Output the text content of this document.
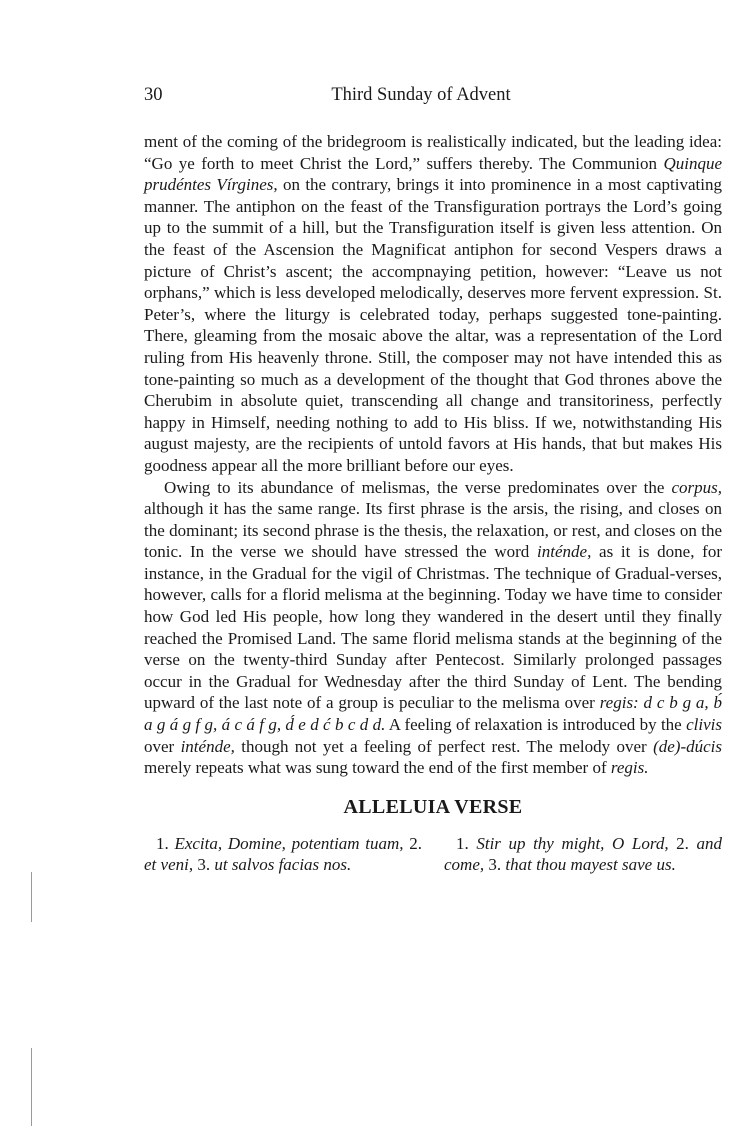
30	Third Sunday of Advent

ment of the coming of the bridegroom is realistically indicated, but the leading idea: “Go ye forth to meet Christ the Lord,” suffers thereby. The Communion Quinque prudéntes Vírgines, on the contrary, brings it into prominence in a most captivating manner. The antiphon on the feast of the Transfiguration portrays the Lord’s going up to the summit of a hill, but the Transfiguration itself is given less attention. On the feast of the Ascension the Magnificat antiphon for second Vespers draws a picture of Christ’s ascent; the accompnaying petition, however: “Leave us not orphans,” which is less developed melodically, deserves more fervent expression. St. Peter’s, where the liturgy is celebrated today, perhaps suggested tone-painting. There, gleaming from the mosaic above the altar, was a representation of the Lord ruling from His heavenly throne. Still, the composer may not have intended this as tone-painting so much as a development of the thought that God thrones above the Cherubim in absolute quiet, transcending all change and transitoriness, perfectly happy in Himself, needing nothing to add to His bliss. If we, notwithstanding His august majesty, are the recipients of untold favors at His hands, that but makes His goodness appear all the more brilliant before our eyes.

Owing to its abundance of melismas, the verse predominates over the corpus, although it has the same range. Its first phrase is the arsis, the rising, and closes on the dominant; its second phrase is the thesis, the relaxation, or rest, and closes on the tonic. In the verse we should have stressed the word inténde, as it is done, for instance, in the Gradual for the vigil of Christmas. The technique of Gradual-verses, however, calls for a florid melisma at the beginning. Today we have time to consider how God led His people, how long they wandered in the desert until they finally reached the Promised Land. The same florid melisma stands at the beginning of the verse on the twenty-third Sunday after Pentecost. Similarly prolonged passages occur in the Gradual for Wednesday after the third Sunday of Lent. The bending upward of the last note of a group is peculiar to the melisma over regis: d c b g a, b́ a g á g f g, á c á f g, d́ e d ć b c d d. A feeling of relaxation is introduced by the clivis over inténde, though not yet a feeling of perfect rest. The melody over (de)-dúcis merely repeats what was sung toward the end of the first member of regis.

ALLELUIA VERSE

1. Excita, Domine, potentiam tuam, 2. et veni, 3. ut salvos facias nos.

1. Stir up thy might, O Lord, 2. and come, 3. that thou mayest save us.
